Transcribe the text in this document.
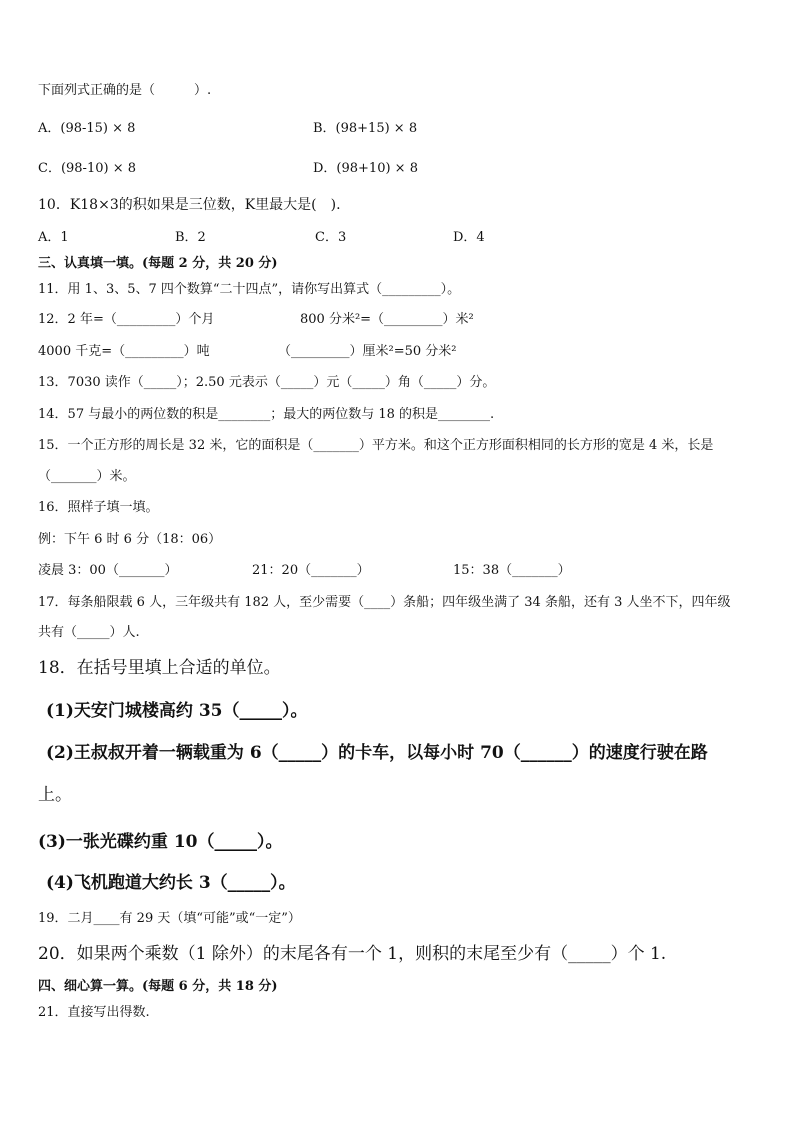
下面列式正确的是（　　　）.
A．(98-15) × 8	B．(98+15) × 8
C．(98-10) × 8	D．(98+10) × 8
10．K18×3的积如果是三位数，K里最大是(　).
A．1	B．2	C．3	D．4
三、认真填一填。(每题 2 分，共 20 分)
11．用 1、3、5、7 四个数算“二十四点”，请你写出算式（_________）。
12．2 年=（_________）个月	800 分米²=（_________）米²
4000 千克=（_________）吨	（_________）厘米²=50 分米²
13．7030 读作（_____）；2.50 元表示（_____）元（_____）角（_____）分。
14．57 与最小的两位数的积是________；最大的两位数与 18 的积是________.
15．一个正方形的周长是 32 米，它的面积是（_______）平方米。和这个正方形面积相同的长方形的宽是 4 米，长是
（_______）米。
16．照样子填一填。
例：下午 6 时 6 分（18：06）
凌晨 3：00（_______）	21：20（_______）	15：38（_______）
17．每条船限载 6 人，三年级共有 182 人，至少需要（____）条船；四年级坐满了 34 条船，还有 3 人坐不下，四年级
共有（_____）人.
18．在括号里填上合适的单位。
(1)天安门城楼高约 35（_____）。
(2)王叔叔开着一辆载重为 6（_____）的卡车，以每小时 70（______）的速度行驶在路
上。
(3)一张光碟约重 10（_____）。
(4)飞机跑道大约长 3（_____）。
19．二月____有 29 天（填“可能”或“一定”）
20．如果两个乘数（1 除外）的末尾各有一个 1，则积的末尾至少有（_____）个 1.
四、细心算一算。(每题 6 分，共 18 分)
21．直接写出得数.
